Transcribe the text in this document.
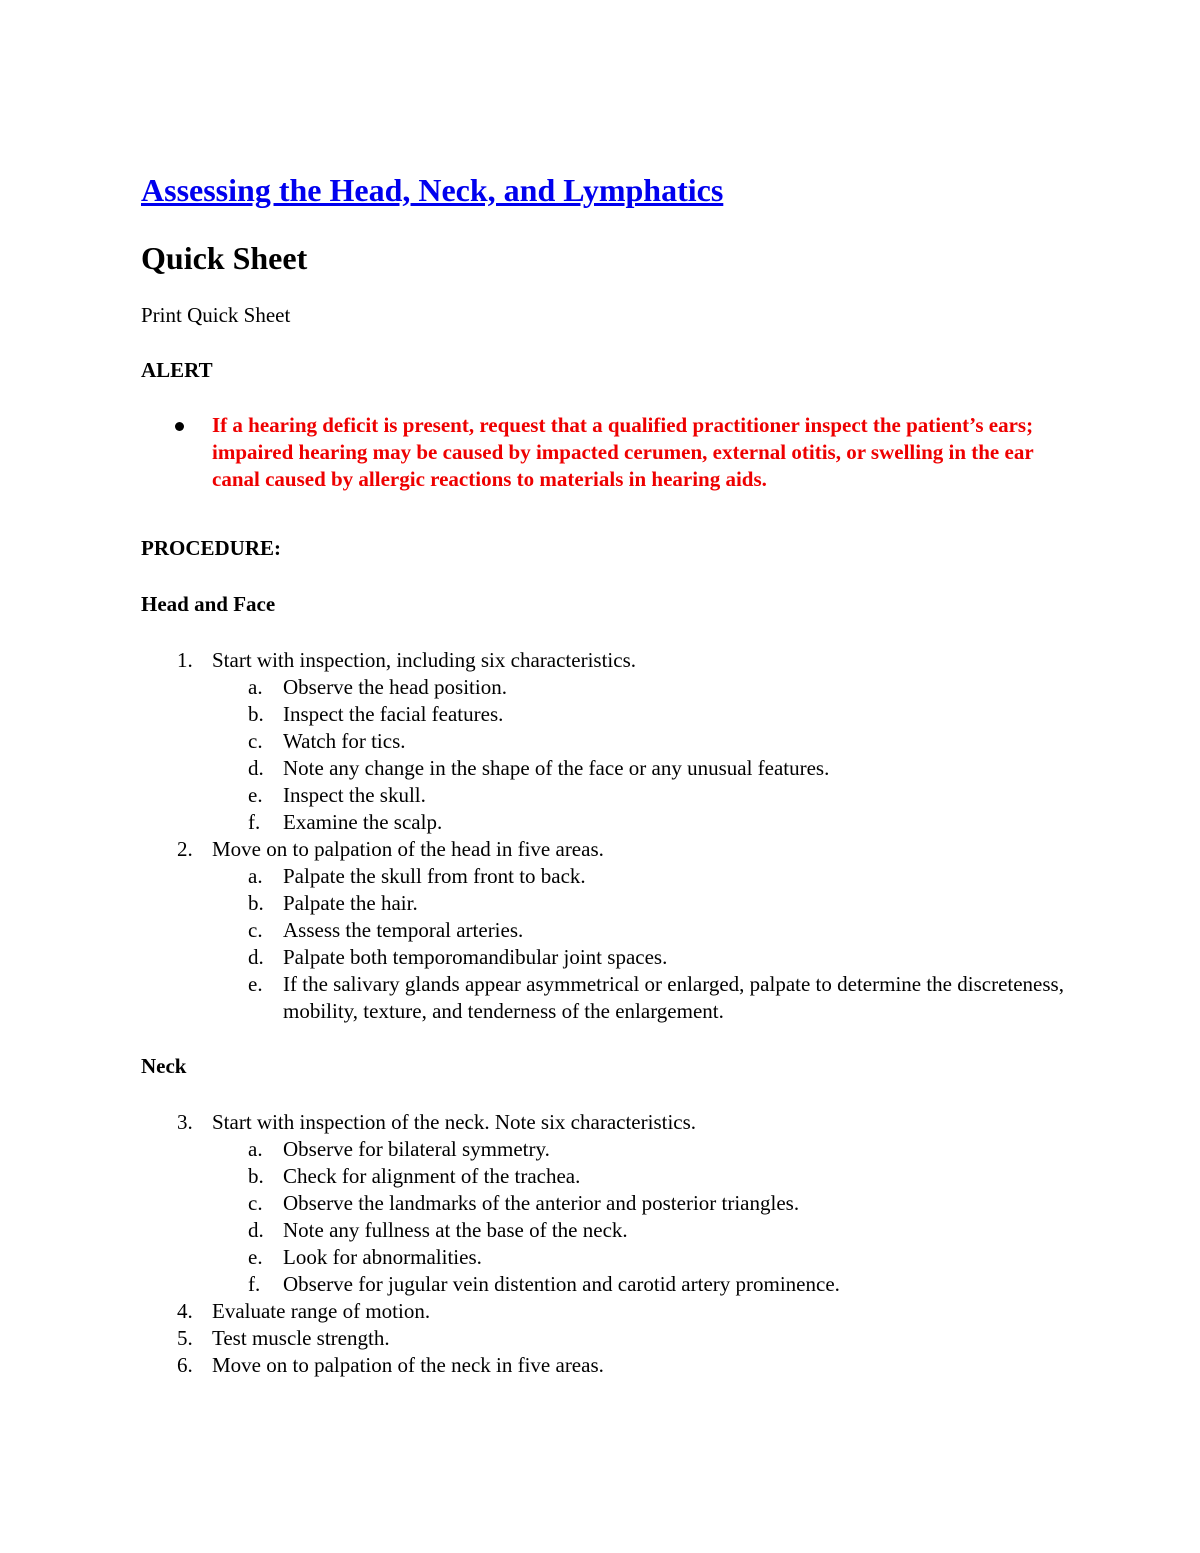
Assessing the Head, Neck, and Lymphatics
Quick Sheet

Print Quick Sheet

ALERT

If a hearing deficit is present, request that a qualified practitioner inspect the patient’s ears; impaired hearing may be caused by impacted cerumen, external otitis, or swelling in the ear canal caused by allergic reactions to materials in hearing aids.

PROCEDURE:

Head and Face

1. Start with inspection, including six characteristics.
a. Observe the head position.
b. Inspect the facial features.
c. Watch for tics.
d. Note any change in the shape of the face or any unusual features.
e. Inspect the skull.
f. Examine the scalp.
2. Move on to palpation of the head in five areas.
a. Palpate the skull from front to back.
b. Palpate the hair.
c. Assess the temporal arteries.
d. Palpate both temporomandibular joint spaces.
e. If the salivary glands appear asymmetrical or enlarged, palpate to determine the discreteness, mobility, texture, and tenderness of the enlargement.

Neck

3. Start with inspection of the neck. Note six characteristics.
a. Observe for bilateral symmetry.
b. Check for alignment of the trachea.
c. Observe the landmarks of the anterior and posterior triangles.
d. Note any fullness at the base of the neck.
e. Look for abnormalities.
f. Observe for jugular vein distention and carotid artery prominence.
4. Evaluate range of motion.
5. Test muscle strength.
6. Move on to palpation of the neck in five areas.
